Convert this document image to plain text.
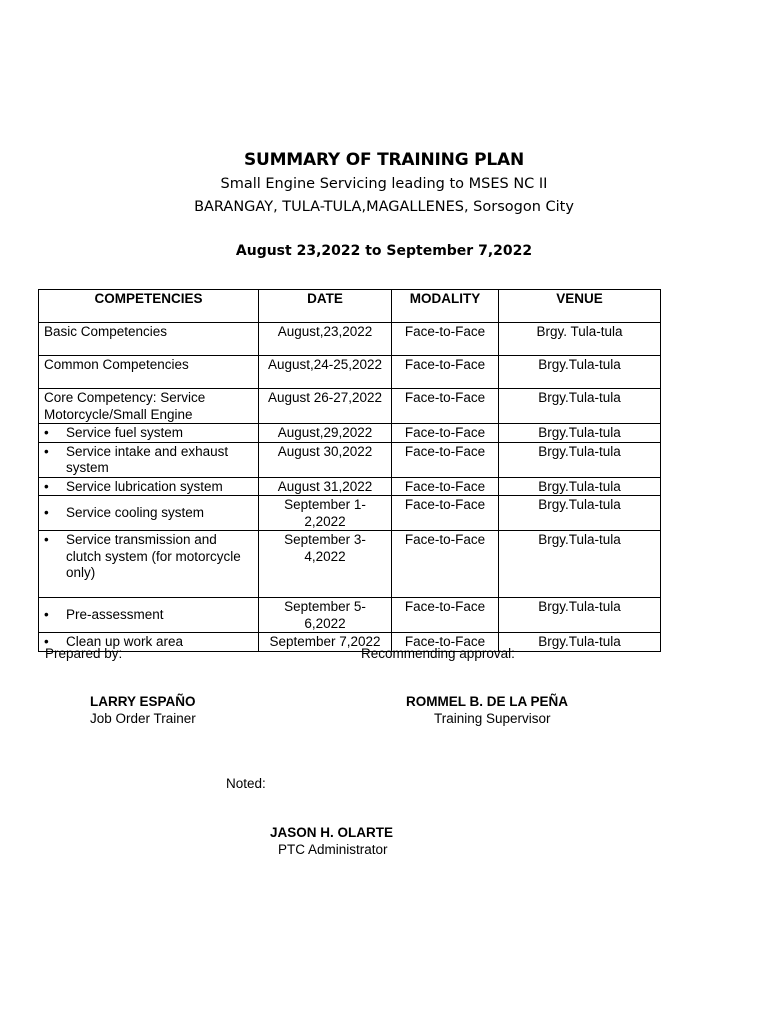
SUMMARY OF TRAINING PLAN
Small Engine Servicing leading to MSES NC II
BARANGAY, TULA-TULA,MAGALLENES, Sorsogon City
August 23,2022 to September 7,2022
COMPETENCIES	DATE	MODALITY	VENUE
Basic Competencies	August,23,2022	Face-to-Face	Brgy. Tula-tula
Common Competencies	August,24-25,2022	Face-to-Face	Brgy.Tula-tula
Core Competency: Service Motorcycle/Small Engine	August 26-27,2022	Face-to-Face	Brgy.Tula-tula

• Service fuel system	August,29,2022	Face-to-Face	Brgy.Tula-tula

• Service intake and exhaust system	August 30,2022	Face-to-Face	Brgy.Tula-tula

• Service lubrication system	August 31,2022	Face-to-Face	Brgy.Tula-tula

• Service cooling system	September 1-2,2022	Face-to-Face	Brgy.Tula-tula

• Service transmission and clutch system (for motorcycle only)	September 3-4,2022	Face-to-Face	Brgy.Tula-tula

• Pre-assessment	September 5-6,2022	Face-to-Face	Brgy.Tula-tula

• Clean up work area	September 7,2022	Face-to-Face	Brgy.Tula-tula
Prepared by:	Recommending approval:
LARRY ESPAÑO
Job Order Trainer
ROMMEL B. DE LA PEÑA
Training Supervisor
Noted:
JASON H. OLARTE
PTC Administrator
